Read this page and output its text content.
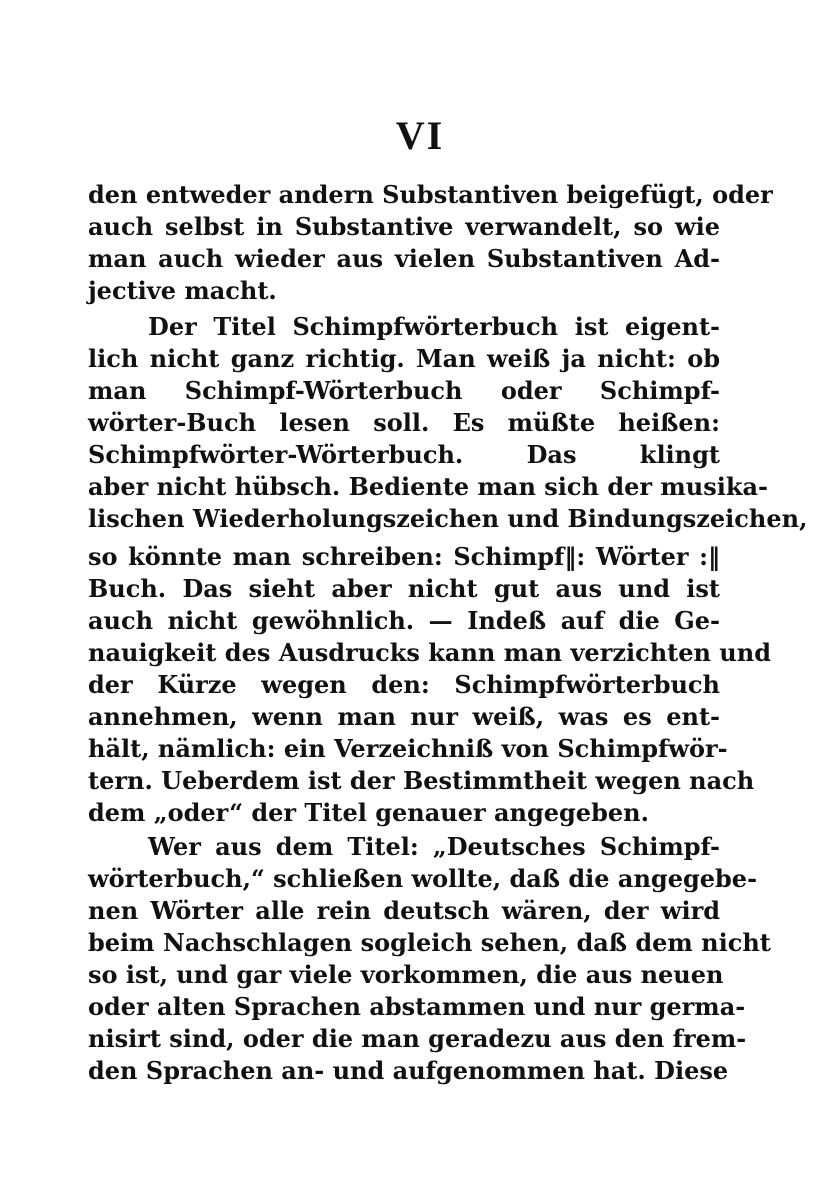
VI
den entweder andern Substantiven beigefügt, oder
auch selbst in Substantive verwandelt, so wie
man auch wieder aus vielen Substantiven Ad-
jective macht.
Der Titel Schimpfwörterbuch ist eigent-
lich nicht ganz richtig. Man weiß ja nicht: ob
man Schimpf-Wörterbuch oder Schimpf-
wörter-Buch lesen soll. Es müßte heißen:
Schimpfwörter-Wörterbuch. Das klingt
aber nicht hübsch. Bediente man sich der musika-
lischen Wiederholungszeichen und Bindungszeichen,
so könnte man schreiben: Schimpf‖: Wörter :‖
Buch. Das sieht aber nicht gut aus und ist
auch nicht gewöhnlich. — Indeß auf die Ge-
nauigkeit des Ausdrucks kann man verzichten und
der Kürze wegen den: Schimpfwörterbuch
annehmen, wenn man nur weiß, was es ent-
hält, nämlich: ein Verzeichniß von Schimpfwör-
tern. Ueberdem ist der Bestimmtheit wegen nach
dem „oder“ der Titel genauer angegeben.
Wer aus dem Titel: „Deutsches Schimpf-
wörterbuch,“ schließen wollte, daß die angegebe-
nen Wörter alle rein deutsch wären, der wird
beim Nachschlagen sogleich sehen, daß dem nicht
so ist, und gar viele vorkommen, die aus neuen
oder alten Sprachen abstammen und nur germa-
nisirt sind, oder die man geradezu aus den frem-
den Sprachen an- und aufgenommen hat. Diese
